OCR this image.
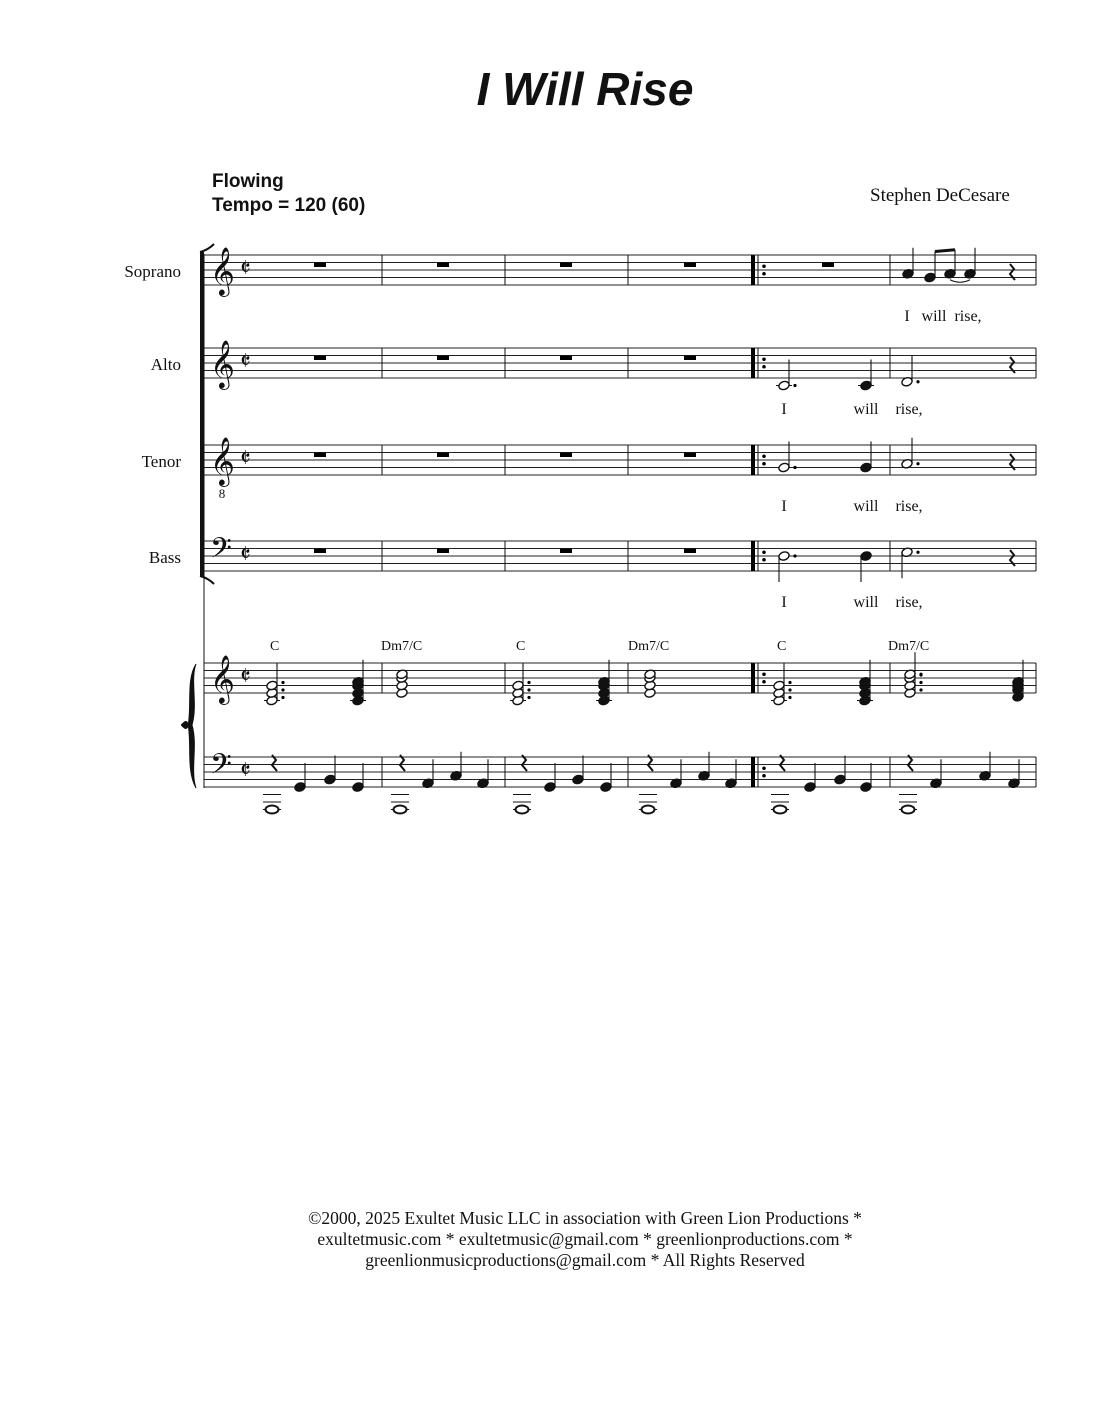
I Will Rise
Flowing
Tempo = 120 (60)	Stephen DeCesare
Soprano
Alto
Tenor
Bass
𝄞 𝄵
𝄞 𝄵
𝄞 𝄵
𝄢 𝄵
𝄞 𝄵
𝄢 𝄵
8
I will rise,
I	will rise,
I	will rise,
I	will rise,
C	Dm7/C	C	Dm7/C	C	Dm7/C
©2000, 2025 Exultet Music LLC in association with Green Lion Productions *
exultetmusic.com * exultetmusic@gmail.com * greenlionproductions.com *
greenlionmusicproductions@gmail.com * All Rights Reserved
